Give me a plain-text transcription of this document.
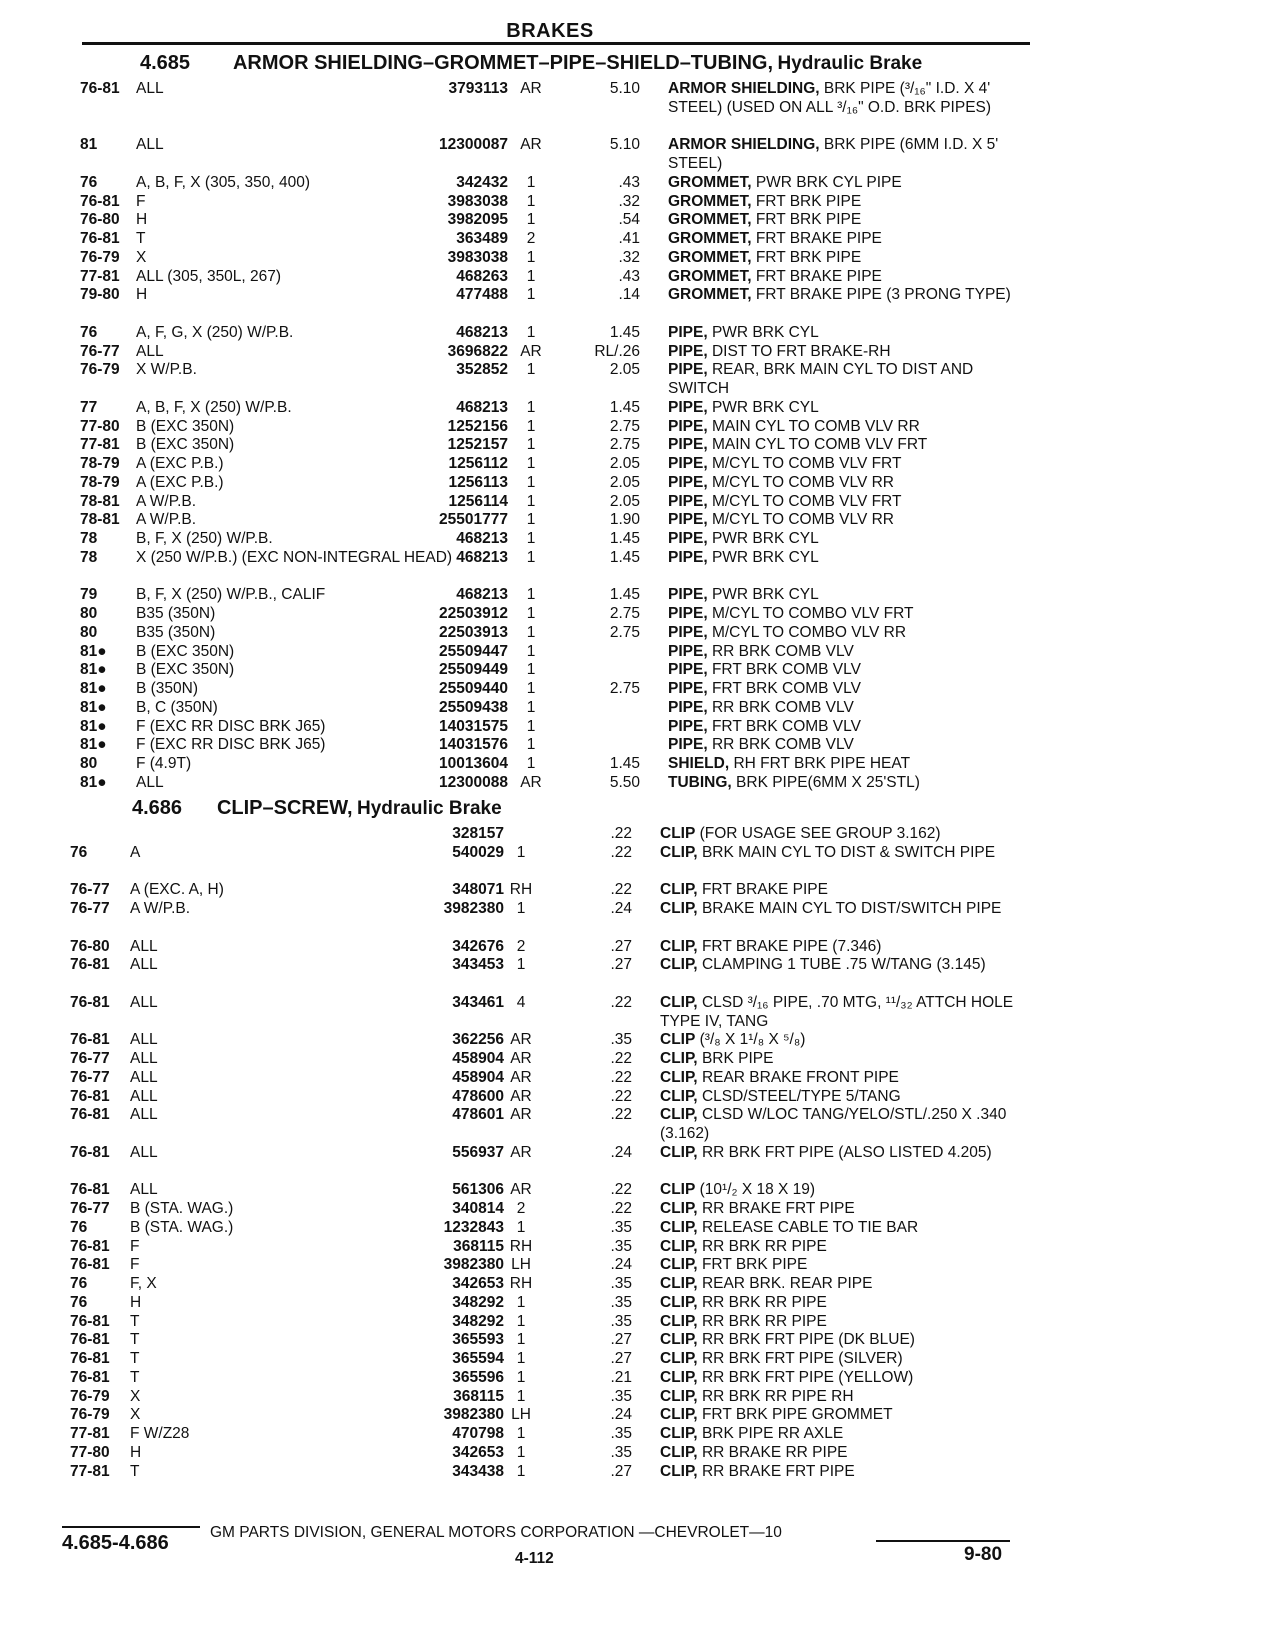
BRAKES
4.685 ARMOR SHIELDING–GROMMET–PIPE–SHIELD–TUBING, Hydraulic Brake
76-81	ALL	3793113 AR	5.10 ARMOR SHIELDING, BRK PIPE (³/₁₆" I.D. X 4' STEEL) (USED ON ALL ³/₁₆" O.D. BRK PIPES)
81	ALL	12300087 AR	5.10 ARMOR SHIELDING, BRK PIPE (6MM I.D. X 5' STEEL)
76	A, B, F, X (305, 350, 400)	342432	1	.43 GROMMET, PWR BRK CYL PIPE
76-81	F	3983038	1	.32 GROMMET, FRT BRK PIPE
76-80	H	3982095	1	.54 GROMMET, FRT BRK PIPE
76-81	T	363489	2	.41 GROMMET, FRT BRAKE PIPE
76-79	X	3983038	1	.32 GROMMET, FRT BRK PIPE
77-81	ALL (305, 350L, 267)	468263	1	.43 GROMMET, FRT BRAKE PIPE
79-80	H	477488	1	.14 GROMMET, FRT BRAKE PIPE (3 PRONG TYPE)
76	A, F, G, X (250) W/P.B.	468213	1	1.45 PIPE, PWR BRK CYL
76-77	ALL	3696822 AR	RL/.26 PIPE, DIST TO FRT BRAKE-RH
76-79	X W/P.B.	352852	1	2.05 PIPE, REAR, BRK MAIN CYL TO DIST AND SWITCH
77	A, B, F, X (250) W/P.B.	468213	1	1.45 PIPE, PWR BRK CYL
77-80	B (EXC 350N)	1252156	1	2.75 PIPE, MAIN CYL TO COMB VLV RR
77-81	B (EXC 350N)	1252157	1	2.75 PIPE, MAIN CYL TO COMB VLV FRT
78-79	A (EXC P.B.)	1256112	1	2.05 PIPE, M/CYL TO COMB VLV FRT
78-79	A (EXC P.B.)	1256113	1	2.05 PIPE, M/CYL TO COMB VLV RR
78-81	A W/P.B.	1256114	1	2.05 PIPE, M/CYL TO COMB VLV FRT
78-81	A W/P.B.	25501777	1	1.90 PIPE, M/CYL TO COMB VLV RR
78	B, F, X (250) W/P.B.	468213	1	1.45 PIPE, PWR BRK CYL
78	X (250 W/P.B.) (EXC NON-INTEGRAL HEAD) 468213	1	1.45 PIPE, PWR BRK CYL
79	B, F, X (250) W/P.B., CALIF	468213	1	1.45 PIPE, PWR BRK CYL
80	B35 (350N)	22503912	1	2.75 PIPE, M/CYL TO COMBO VLV FRT
80	B35 (350N)	22503913	1	2.75 PIPE, M/CYL TO COMBO VLV RR
81●	B (EXC 350N)	25509447	1	PIPE, RR BRK COMB VLV
81●	B (EXC 350N)	25509449	1	PIPE, FRT BRK COMB VLV
81●	B (350N)	25509440	1	2.75 PIPE, FRT BRK COMB VLV
81●	B, C (350N)	25509438	1	PIPE, RR BRK COMB VLV
81●	F (EXC RR DISC BRK J65)	14031575	1	PIPE, FRT BRK COMB VLV
81●	F (EXC RR DISC BRK J65)	14031576	1	PIPE, RR BRK COMB VLV
80	F (4.9T)	10013604	1	1.45 SHIELD, RH FRT BRK PIPE HEAT
81●	ALL	12300088 AR	5.50 TUBING, BRK PIPE(6MM X 25'STL)
4.686 CLIP–SCREW, Hydraulic Brake
328157	.22 CLIP (FOR USAGE SEE GROUP 3.162)
76	A	540029 1	.22 CLIP, BRK MAIN CYL TO DIST & SWITCH PIPE
76-77	A (EXC. A, H)	348071 RH	.22 CLIP, FRT BRAKE PIPE
76-77	A W/P.B.	3982380 1	.24 CLIP, BRAKE MAIN CYL TO DIST/SWITCH PIPE
76-80	ALL	342676 2	.27 CLIP, FRT BRAKE PIPE (7.346)
76-81	ALL	343453 1	.27 CLIP, CLAMPING 1 TUBE .75 W/TANG (3.145)
76-81	ALL	343461 4	.22 CLIP, CLSD ³/₁₆ PIPE, .70 MTG, ¹¹/₃₂ ATTCH HOLE TYPE IV, TANG
76-81	ALL	362256 AR	.35 CLIP (³/₈ X 1¹/₈ X ⁵/₈)
76-77	ALL	458904 AR	.22 CLIP, BRK PIPE
76-77	ALL	458904 AR	.22 CLIP, REAR BRAKE FRONT PIPE
76-81	ALL	478600 AR	.22 CLIP, CLSD/STEEL/TYPE 5/TANG
76-81	ALL	478601 AR	.22 CLIP, CLSD W/LOC TANG/YELO/STL/.250 X .340 (3.162)
76-81	ALL	556937 AR	.24 CLIP, RR BRK FRT PIPE (ALSO LISTED 4.205)
76-81	ALL	561306 AR	.22 CLIP (10¹/₂ X 18 X 19)
76-77	B (STA. WAG.)	340814 2	.22 CLIP, RR BRAKE FRT PIPE
76	B (STA. WAG.)	1232843 1	.35 CLIP, RELEASE CABLE TO TIE BAR
76-81	F	368115 RH	.35 CLIP, RR BRK RR PIPE
76-81	F	3982380 LH	.24 CLIP, FRT BRK PIPE
76	F, X	342653 RH	.35 CLIP, REAR BRK. REAR PIPE
76	H	348292 1	.35 CLIP, RR BRK RR PIPE
76-81	T	348292 1	.35 CLIP, RR BRK RR PIPE
76-81	T	365593 1	.27 CLIP, RR BRK FRT PIPE (DK BLUE)
76-81	T	365594 1	.27 CLIP, RR BRK FRT PIPE (SILVER)
76-81	T	365596 1	.21 CLIP, RR BRK FRT PIPE (YELLOW)
76-79	X	368115 1	.35 CLIP, RR BRK RR PIPE RH
76-79	X	3982380 LH	.24 CLIP, FRT BRK PIPE GROMMET
77-81	F W/Z28	470798 1	.35 CLIP, BRK PIPE RR AXLE
77-80	H	342653 1	.35 CLIP, RR BRAKE RR PIPE
77-81	T	343438 1	.27 CLIP, RR BRAKE FRT PIPE
4.685-4.686	GM PARTS DIVISION, GENERAL MOTORS CORPORATION —CHEVROLET—10
4-112	9-80
